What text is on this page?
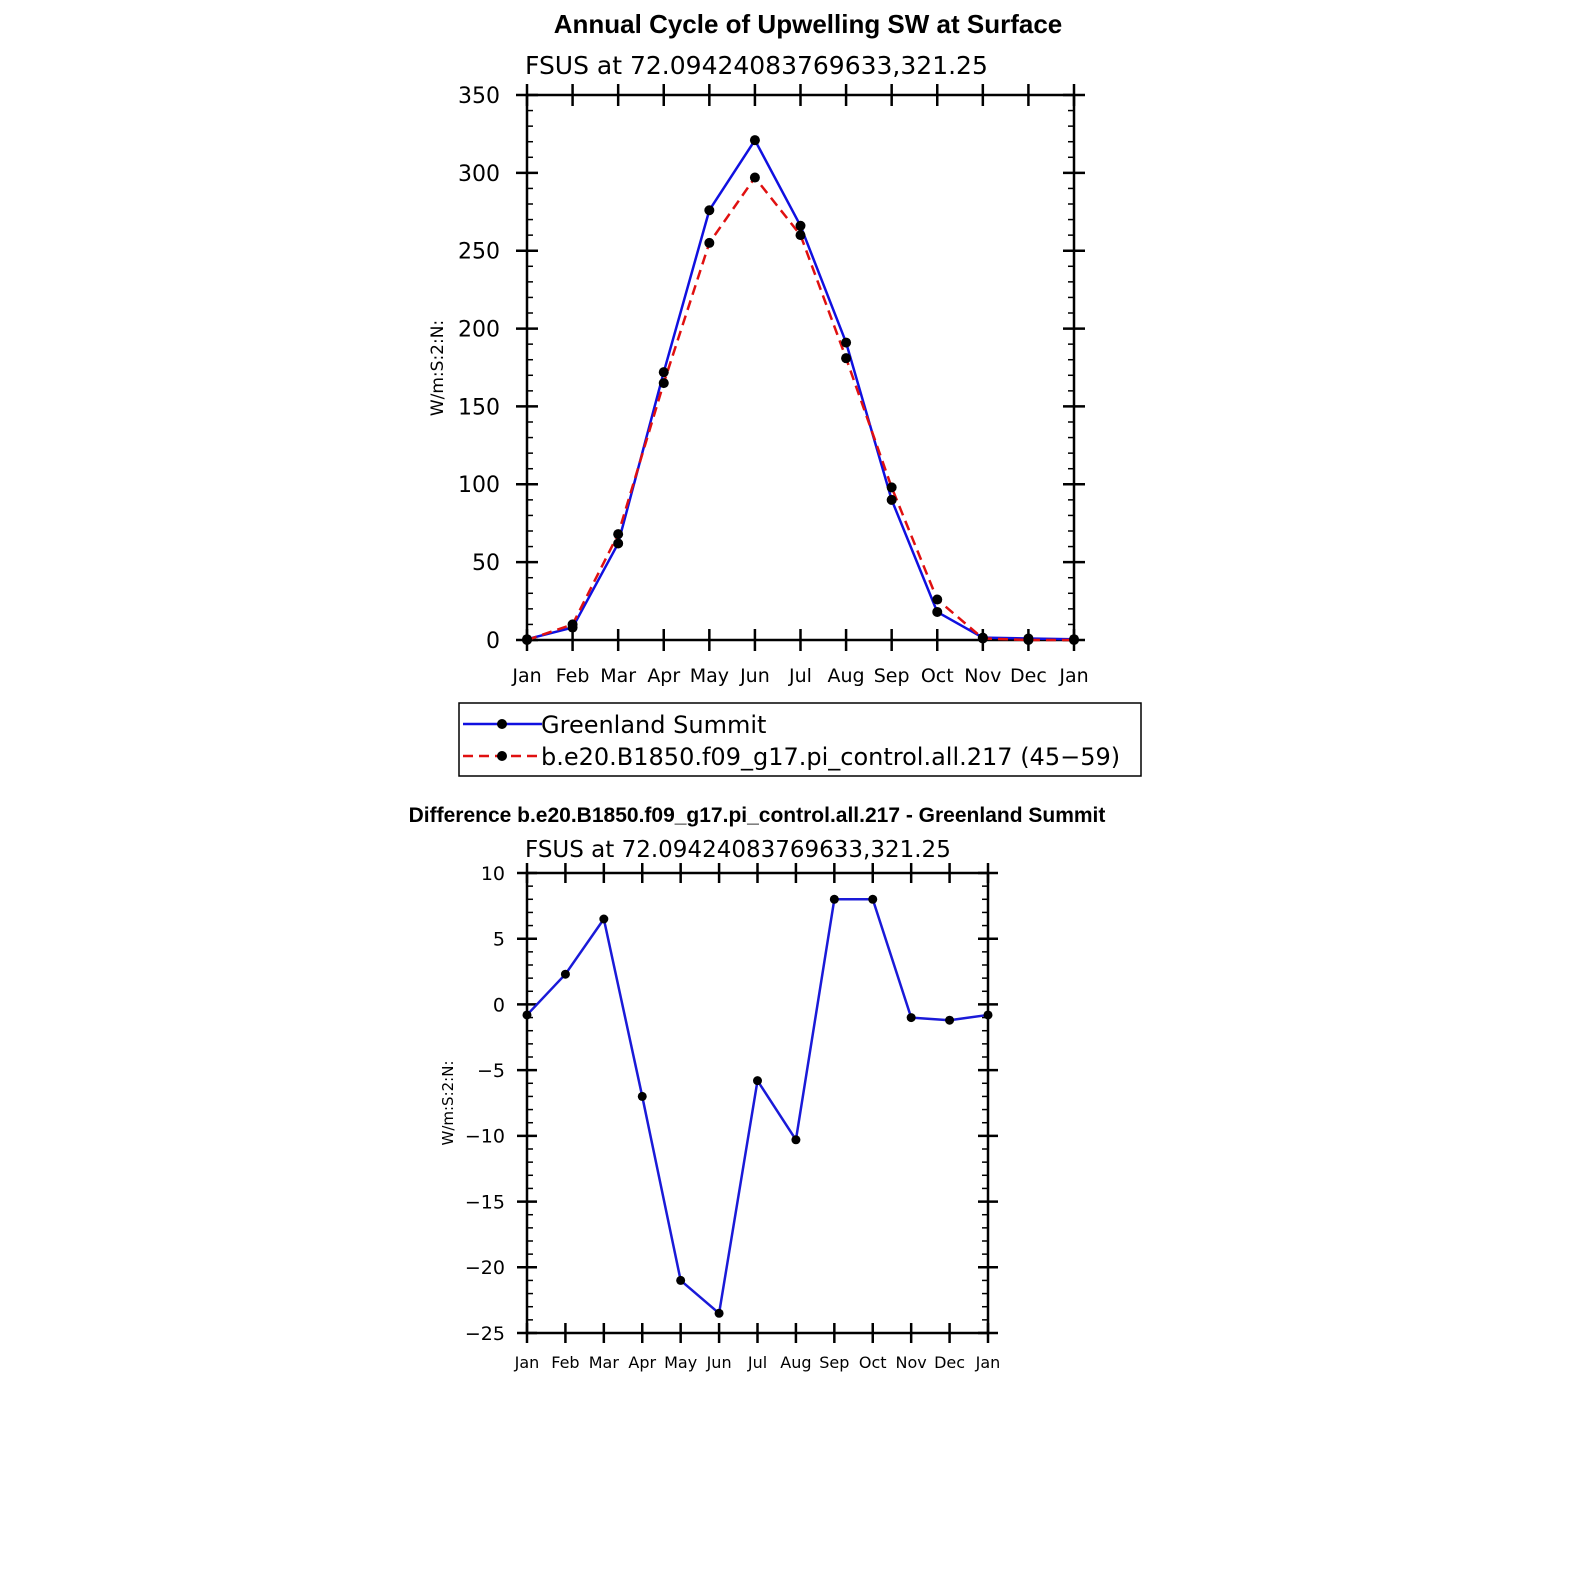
Annual Cycle of Upwelling SW at Surface
FSUS at 72.09424083769633,321.25
W/m:S:2:N:
Jan Feb Mar Apr May Jun Jul Aug Sep Oct Nov Dec Jan
0
50
100
150
200
250
300
350
Greenland Summit
b.e20.B1850.f09_g17.pi_control.all.217 (45−59)
Difference b.e20.B1850.f09_g17.pi_control.all.217 - Greenland Summit
FSUS at 72.09424083769633,321.25
W/m:S:2:N:
Jan Feb Mar Apr May Jun Jul Aug Sep Oct Nov Dec Jan
−25
−20
−15
−10
−5
0
5
10
